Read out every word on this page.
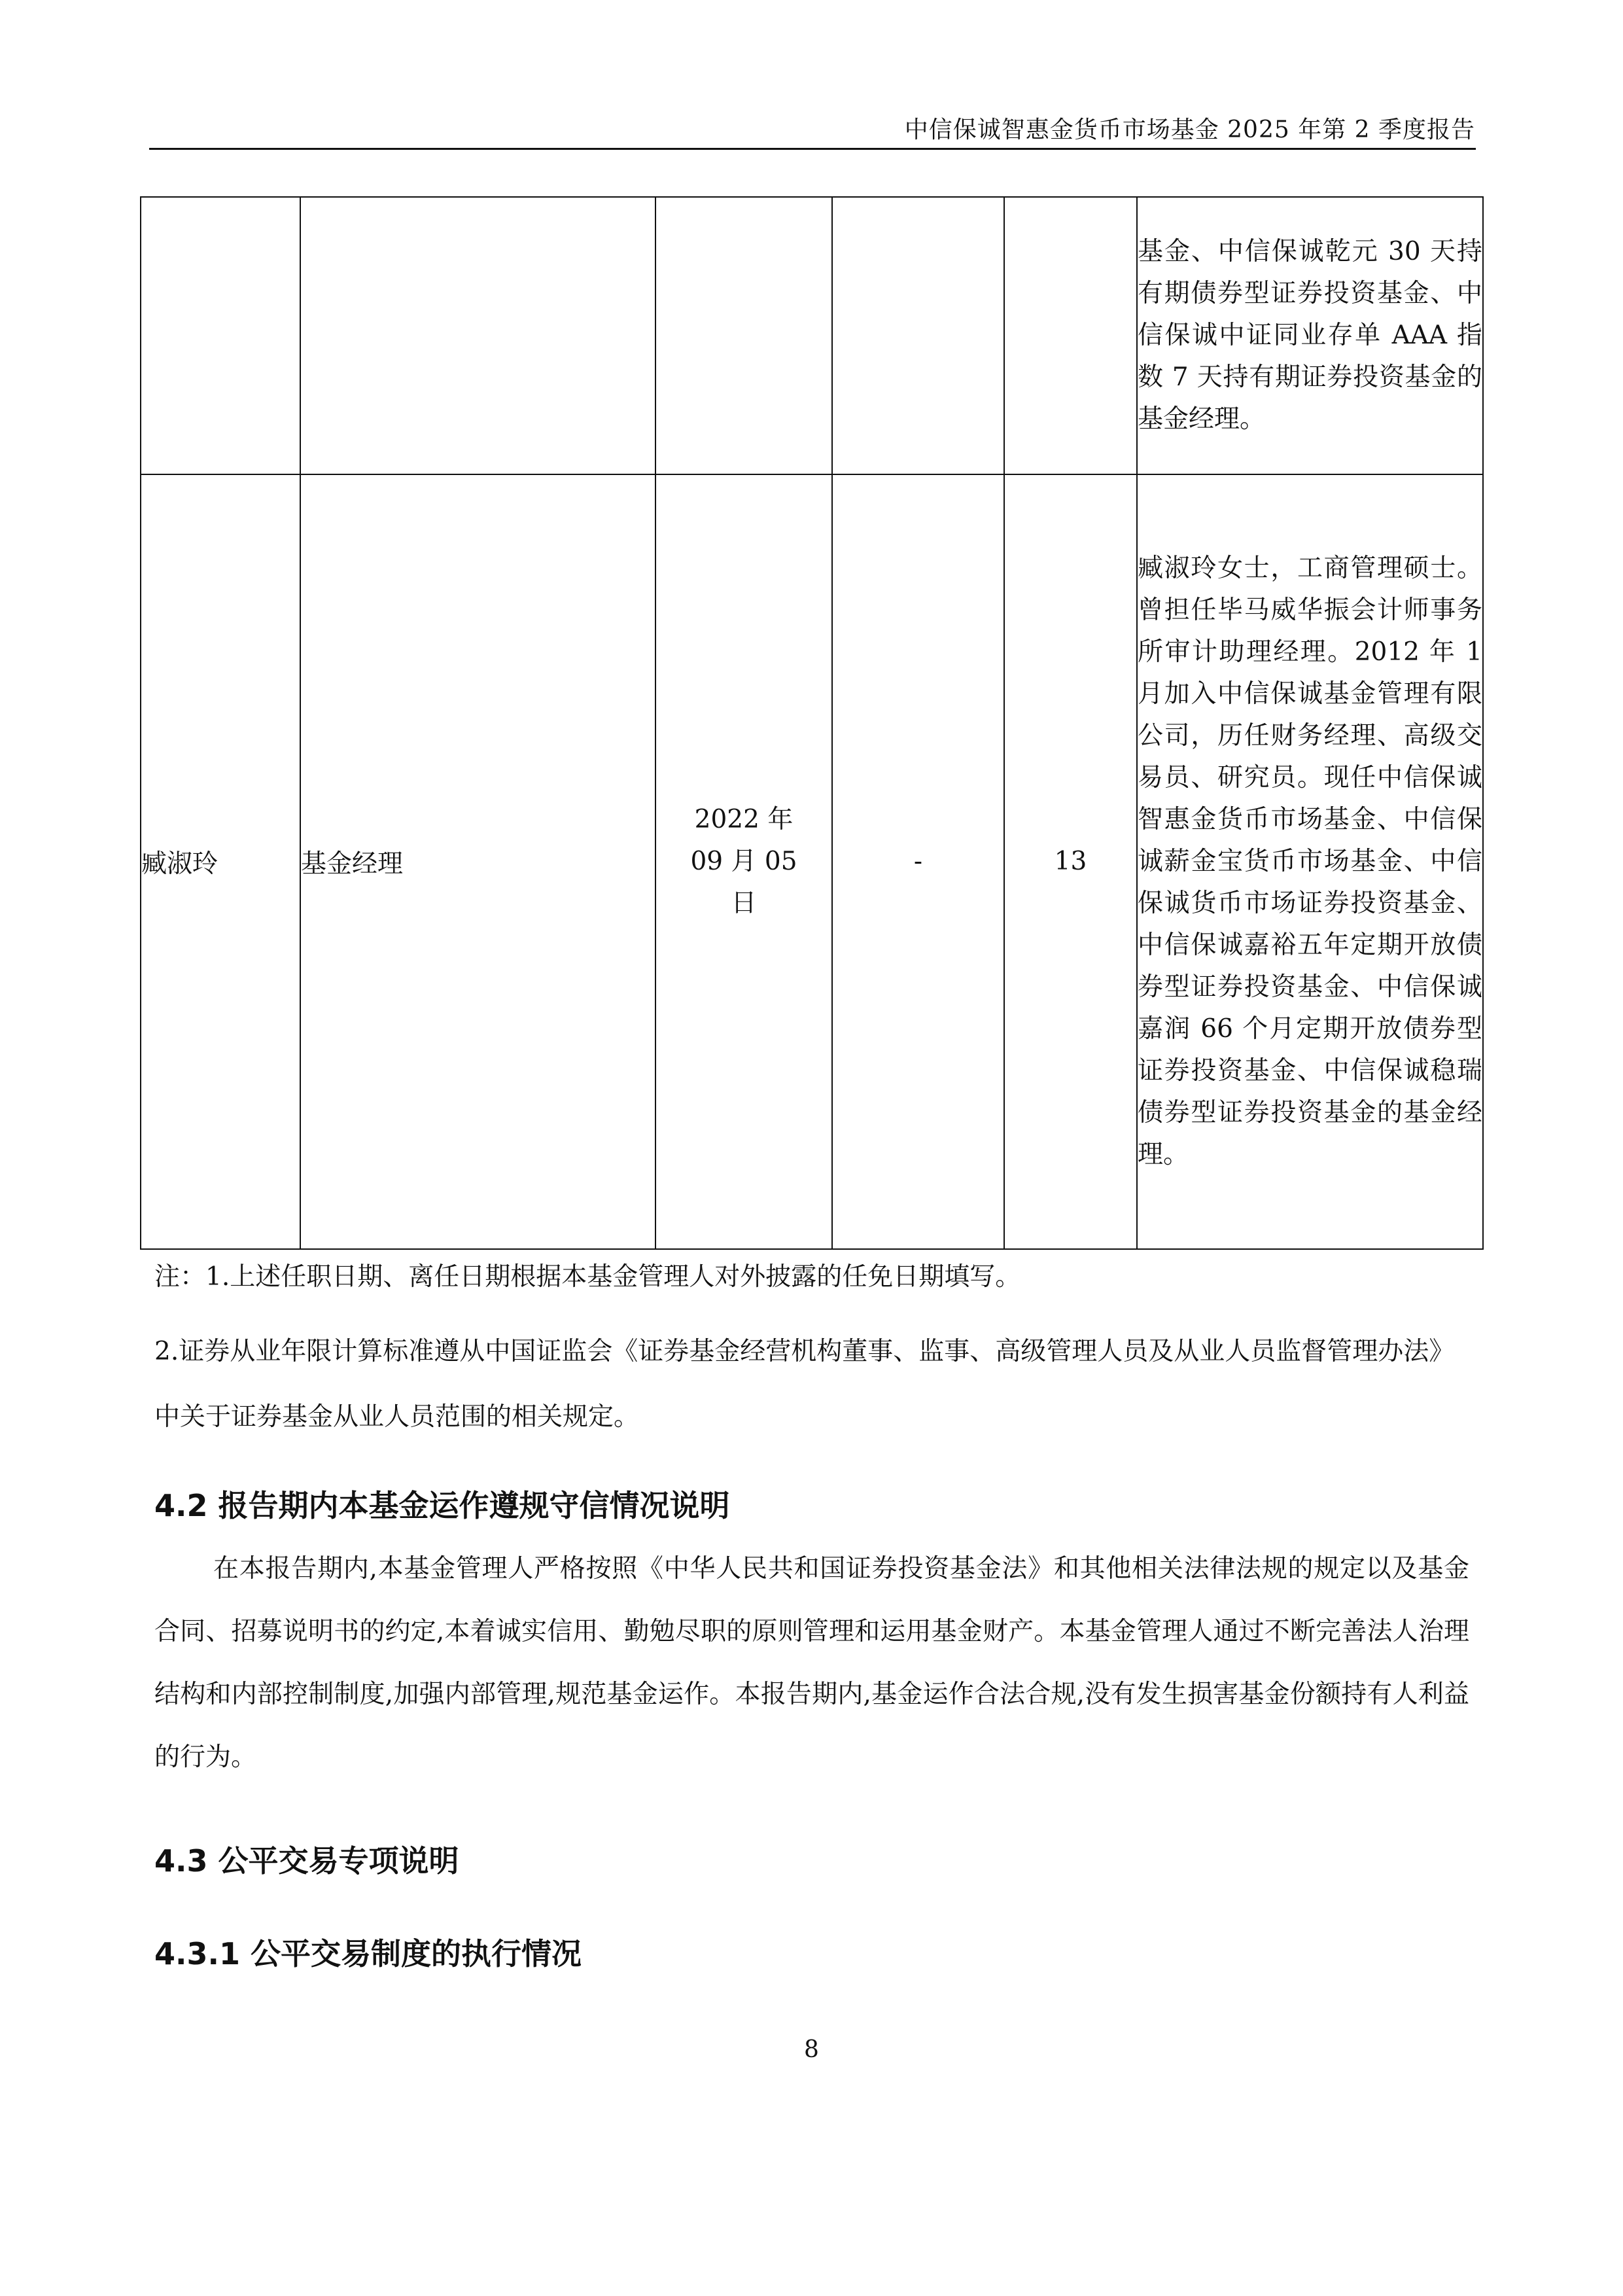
中信保诚智惠金货币市场基金 2025 年第 2 季度报告
					基金、中信保诚乾元 30 天持有期债券型证券投资基金、中信保诚中证同业存单 AAA 指数 7 天持有期证券投资基金的基金经理。
臧淑玲	基金经理	2022 年 09 月 05 日	-	13	臧淑玲女士，工商管理硕士。曾担任毕马威华振会计师事务所审计助理经理。2012 年 1 月加入中信保诚基金管理有限公司，历任财务经理、高级交易员、研究员。现任中信保诚智惠金货币市场基金、中信保诚薪金宝货币市场基金、中信保诚货币市场证券投资基金、中信保诚嘉裕五年定期开放债券型证券投资基金、中信保诚嘉润 66 个月定期开放债券型证券投资基金、中信保诚稳瑞债券型证券投资基金的基金经理。
注：1.上述任职日期、离任日期根据本基金管理人对外披露的任免日期填写。
2.证券从业年限计算标准遵从中国证监会《证券基金经营机构董事、监事、高级管理人员及从业人员监督管理办法》中关于证券基金从业人员范围的相关规定。
4.2 报告期内本基金运作遵规守信情况说明
在本报告期内,本基金管理人严格按照《中华人民共和国证券投资基金法》和其他相关法律法规的规定以及基金合同、招募说明书的约定,本着诚实信用、勤勉尽职的原则管理和运用基金财产。本基金管理人通过不断完善法人治理结构和内部控制制度,加强内部管理,规范基金运作。本报告期内,基金运作合法合规,没有发生损害基金份额持有人利益的行为。
4.3 公平交易专项说明
4.3.1 公平交易制度的执行情况
8
